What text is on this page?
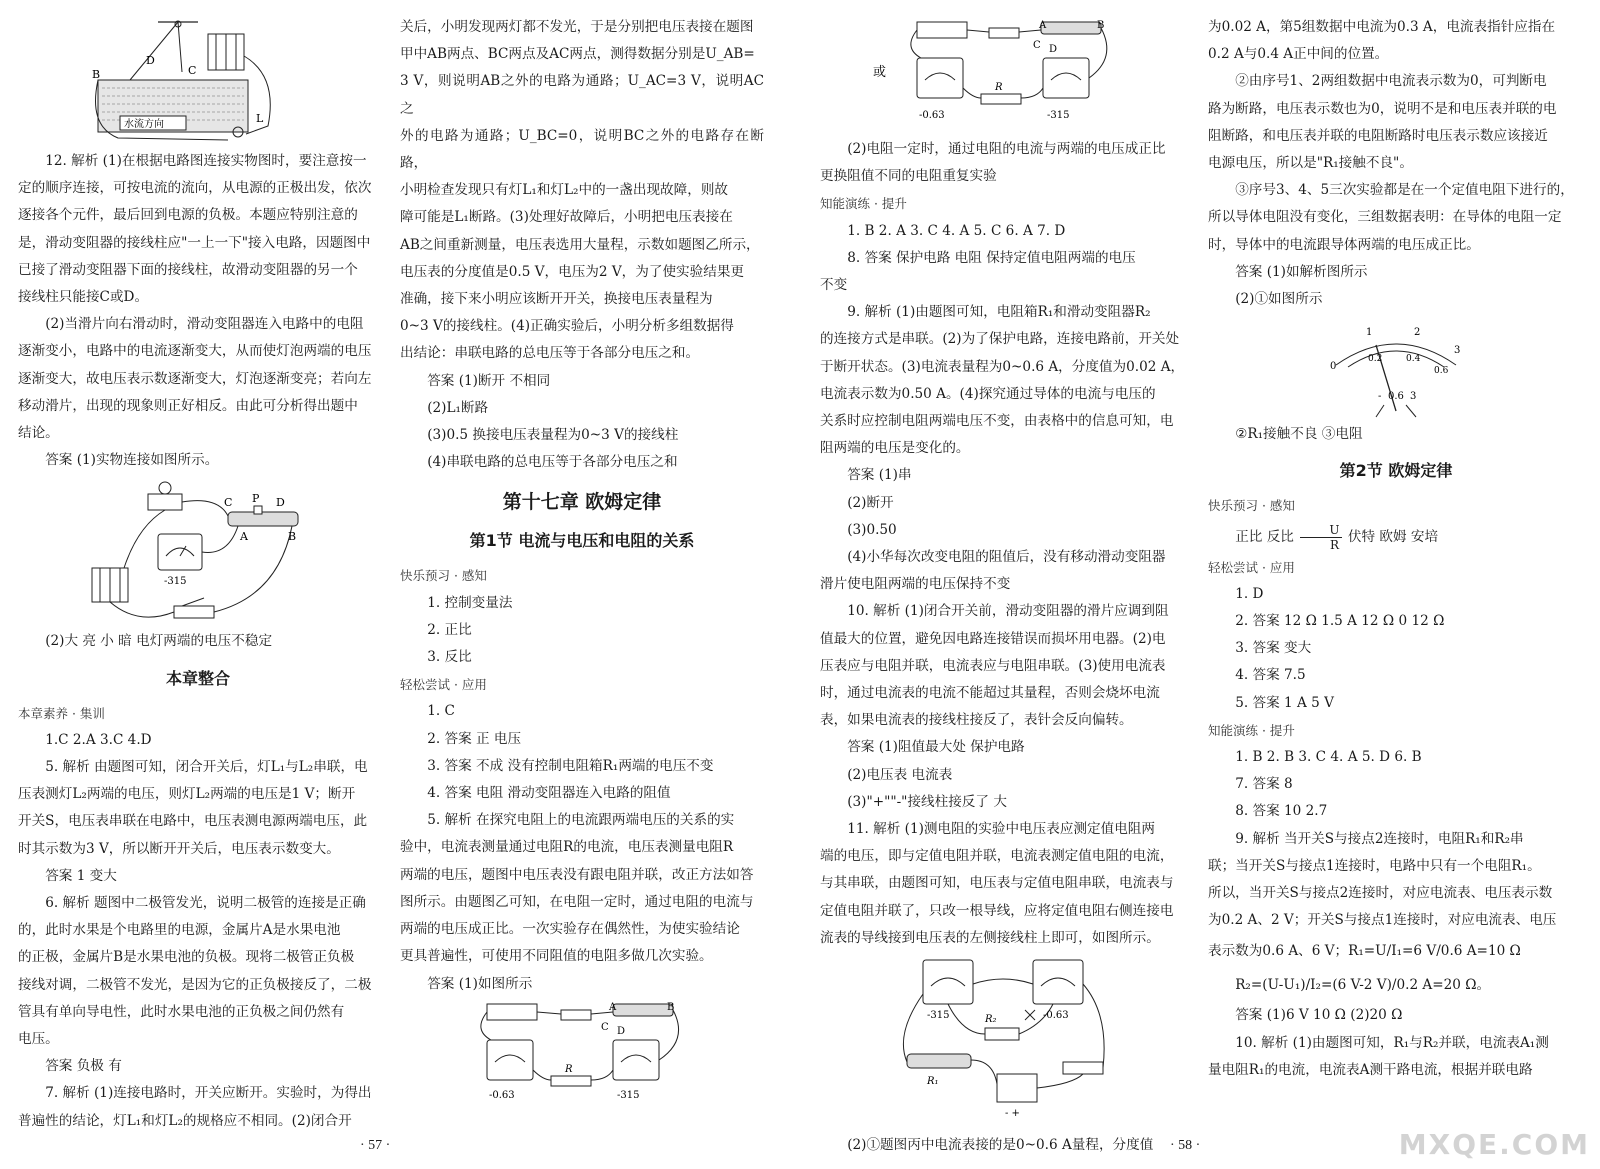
水流方向
B
D
C
L

12. 解析 (1)在根据电路图连接实物图时，要注意按一

定的顺序连接，可按电流的流向，从电源的正极出发，依次

逐接各个元件，最后回到电源的负极。本题应特别注意的

是，滑动变阻器的接线柱应"一上一下"接入电路，因题图中

已接了滑动变阻器下面的接线柱，故滑动变阻器的另一个

接线柱只能接C或D。

(2)当滑片向右滑动时，滑动变阻器连入电路中的电阻

逐渐变小，电路中的电流逐渐变大，从而使灯泡两端的电压

逐渐变大，故电压表示数逐渐变大，灯泡逐渐变亮；若向左

移动滑片，出现的现象则正好相反。由此可分析得出题中

结论。

答案 (1)实物连接如图所示。

C P D
A	B
-315

(2)大 亮 小 暗 电灯两端的电压不稳定

本章整合

本章素养 · 集训

1.C 2.A 3.C 4.D

5. 解析 由题图可知，闭合开关后，灯L₁与L₂串联，电

压表测灯L₂两端的电压，则灯L₂两端的电压是1 V；断开

开关S，电压表串联在电路中，电压表测电源两端电压，此

时其示数为3 V，所以断开开关后，电压表示数变大。

答案 1 变大

6. 解析 题图中二极管发光，说明二极管的连接是正确

的，此时水果是个电路里的电源，金属片A是水果电池

的正极，金属片B是水果电池的负极。现将二极管正负极

接线对调，二极管不发光，是因为它的正负极接反了，二极

管具有单向导电性，此时水果电池的正负极之间仍然有

电压。

答案 负极 有

7. 解析 (1)连接电路时，开关应断开。实验时，为得出

普遍性的结论，灯L₁和灯L₂的规格应不相同。(2)闭合开

关后，小明发现两灯都不发光，于是分别把电压表接在题图

甲中AB两点、BC两点及AC两点，测得数据分别是U_AB=

3 V，则说明AB之外的电路为通路；U_AC=3 V，说明AC之

外的电路为通路；U_BC=0，说明BC之外的电路存在断路，

小明检查发现只有灯L₁和灯L₂中的一盏出现故障，则故

障可能是L₁断路。(3)处理好故障后，小明把电压表接在

AB之间重新测量，电压表选用大量程，示数如题图乙所示，

电压表的分度值是0.5 V，电压为2 V，为了使实验结果更

准确，接下来小明应该断开开关，换接电压表量程为

0~3 V的接线柱。(4)正确实验后，小明分析多组数据得

出结论：串联电路的总电压等于各部分电压之和。

答案 (1)断开 不相同

(2)L₁断路

(3)0.5 换接电压表量程为0~3 V的接线柱

(4)串联电路的总电压等于各部分电压之和

第十七章 欧姆定律
第1节 电流与电压和电阻的关系

快乐预习 · 感知

1. 控制变量法

2. 正比

3. 反比

轻松尝试 · 应用

1. C

2. 答案 正 电压

3. 答案 不成 没有控制电阻箱R₁两端的电压不变

4. 答案 电阻 滑动变阻器连入电路的阻值

5. 解析 在探究电阻上的电流跟两端电压的关系的实

验中，电流表测量通过电阻R的电流，电压表测量电阻R

两端的电压，题图中电压表没有跟电阻并联，改正方法如答

图所示。由题图乙可知，在电阻一定时，通过电阻的电流与

两端的电压成正比。一次实验存在偶然性，为使实验结论

更具普遍性，可使用不同阻值的电阻多做几次实验。

答案 (1)如图所示

A	B
C D
R
-0.63	-315
或
A	B
C D
R
-0.63	-315

(2)电阻一定时，通过电阻的电流与两端的电压成正比

更换阻值不同的电阻重复实验

知能演练 · 提升

1. B 2. A 3. C 4. A 5. C 6. A 7. D

8. 答案 保护电路 电阻 保持定值电阻两端的电压

不变

9. 解析 (1)由题图可知，电阻箱R₁和滑动变阻器R₂

的连接方式是串联。(2)为了保护电路，连接电路前，开关处

于断开状态。(3)电流表量程为0~0.6 A，分度值为0.02 A，

电流表示数为0.50 A。(4)探究通过导体的电流与电压的

关系时应控制电阻两端电压不变，由表格中的信息可知，电

阻两端的电压是变化的。

答案 (1)串

(2)断开

(3)0.50

(4)小华每次改变电阻的阻值后，没有移动滑动变阻器

滑片使电阻两端的电压保持不变

10. 解析 (1)闭合开关前，滑动变阻器的滑片应调到阻

值最大的位置，避免因电路连接错误而损坏用电器。(2)电

压表应与电阻并联，电流表应与电阻串联。(3)使用电流表

时，通过电流表的电流不能超过其量程，否则会烧坏电流

表，如果电流表的接线柱接反了，表针会反向偏转。

答案 (1)阻值最大处 保护电路

(2)电压表 电流表

(3)"+""-"接线柱接反了 大

11. 解析 (1)测电阻的实验中电压表应测定值电阻两

端的电压，即与定值电阻并联，电流表测定值电阻的电流，

与其串联，由题图可知，电压表与定值电阻串联，电流表与

定值电阻并联了，只改一根导线，应将定值电阻右侧连接电

流表的导线接到电压表的左侧接线柱上即可，如图所示。

-315	R₂	-0.63
R₁
- +

(2)①题图丙中电流表接的是0~0.6 A量程，分度值

为0.02 A，第5组数据中电流为0.3 A，电流表指针应指在

0.2 A与0.4 A正中间的位置。

②由序号1、2两组数据中电流表示数为0，可判断电

路为断路，电压表示数也为0，说明不是和电压表并联的电

阻断路，和电压表并联的电阻断路时电压表示数应该接近

电源电压，所以是"R₁接触不良"。

③序号3、4、5三次实验都是在一个定值电阻下进行的，

所以导体电阻没有变化，三组数据表明：在导体的电阻一定

时，导体中的电流跟导体两端的电压成正比。

答案 (1)如解析图所示

(2)①如图所示

0
1	2
3
0.2	0.4
0.6
- 0.6 3

②R₁接触不良 ③电阻

第2节 欧姆定律

快乐预习 · 感知

正比 反比 $\frac{U}{R}$ 伏特 欧姆 安培

轻松尝试 · 应用

1. D

2. 答案 12 Ω 1.5 A 12 Ω 0 12 Ω

3. 答案 变大

4. 答案 7.5

5. 答案 1 A 5 V

知能演练 · 提升

1. B 2. B 3. C 4. A 5. D 6. B

7. 答案 8

8. 答案 10 2.7

9. 解析 当开关S与接点2连接时，电阻R₁和R₂串

联；当开关S与接点1连接时，电路中只有一个电阻R₁。

所以，当开关S与接点2连接时，对应电流表、电压表示数

为0.2 A、2 V；开关S与接点1连接时，对应电流表、电压

表示数为0.6 A、6 V；R₁=U/I₁=6 V/0.6 A=10 Ω

R₂=(U-U₁)/I₂=(6 V-2 V)/0.2 A=20 Ω。

答案 (1)6 V 10 Ω (2)20 Ω

10. 解析 (1)由题图可知，R₁与R₂并联，电流表A₁测

量电阻R₁的电流，电流表A测干路电流，根据并联电路

· 57 ·	· 58 ·	MXQE.COM
